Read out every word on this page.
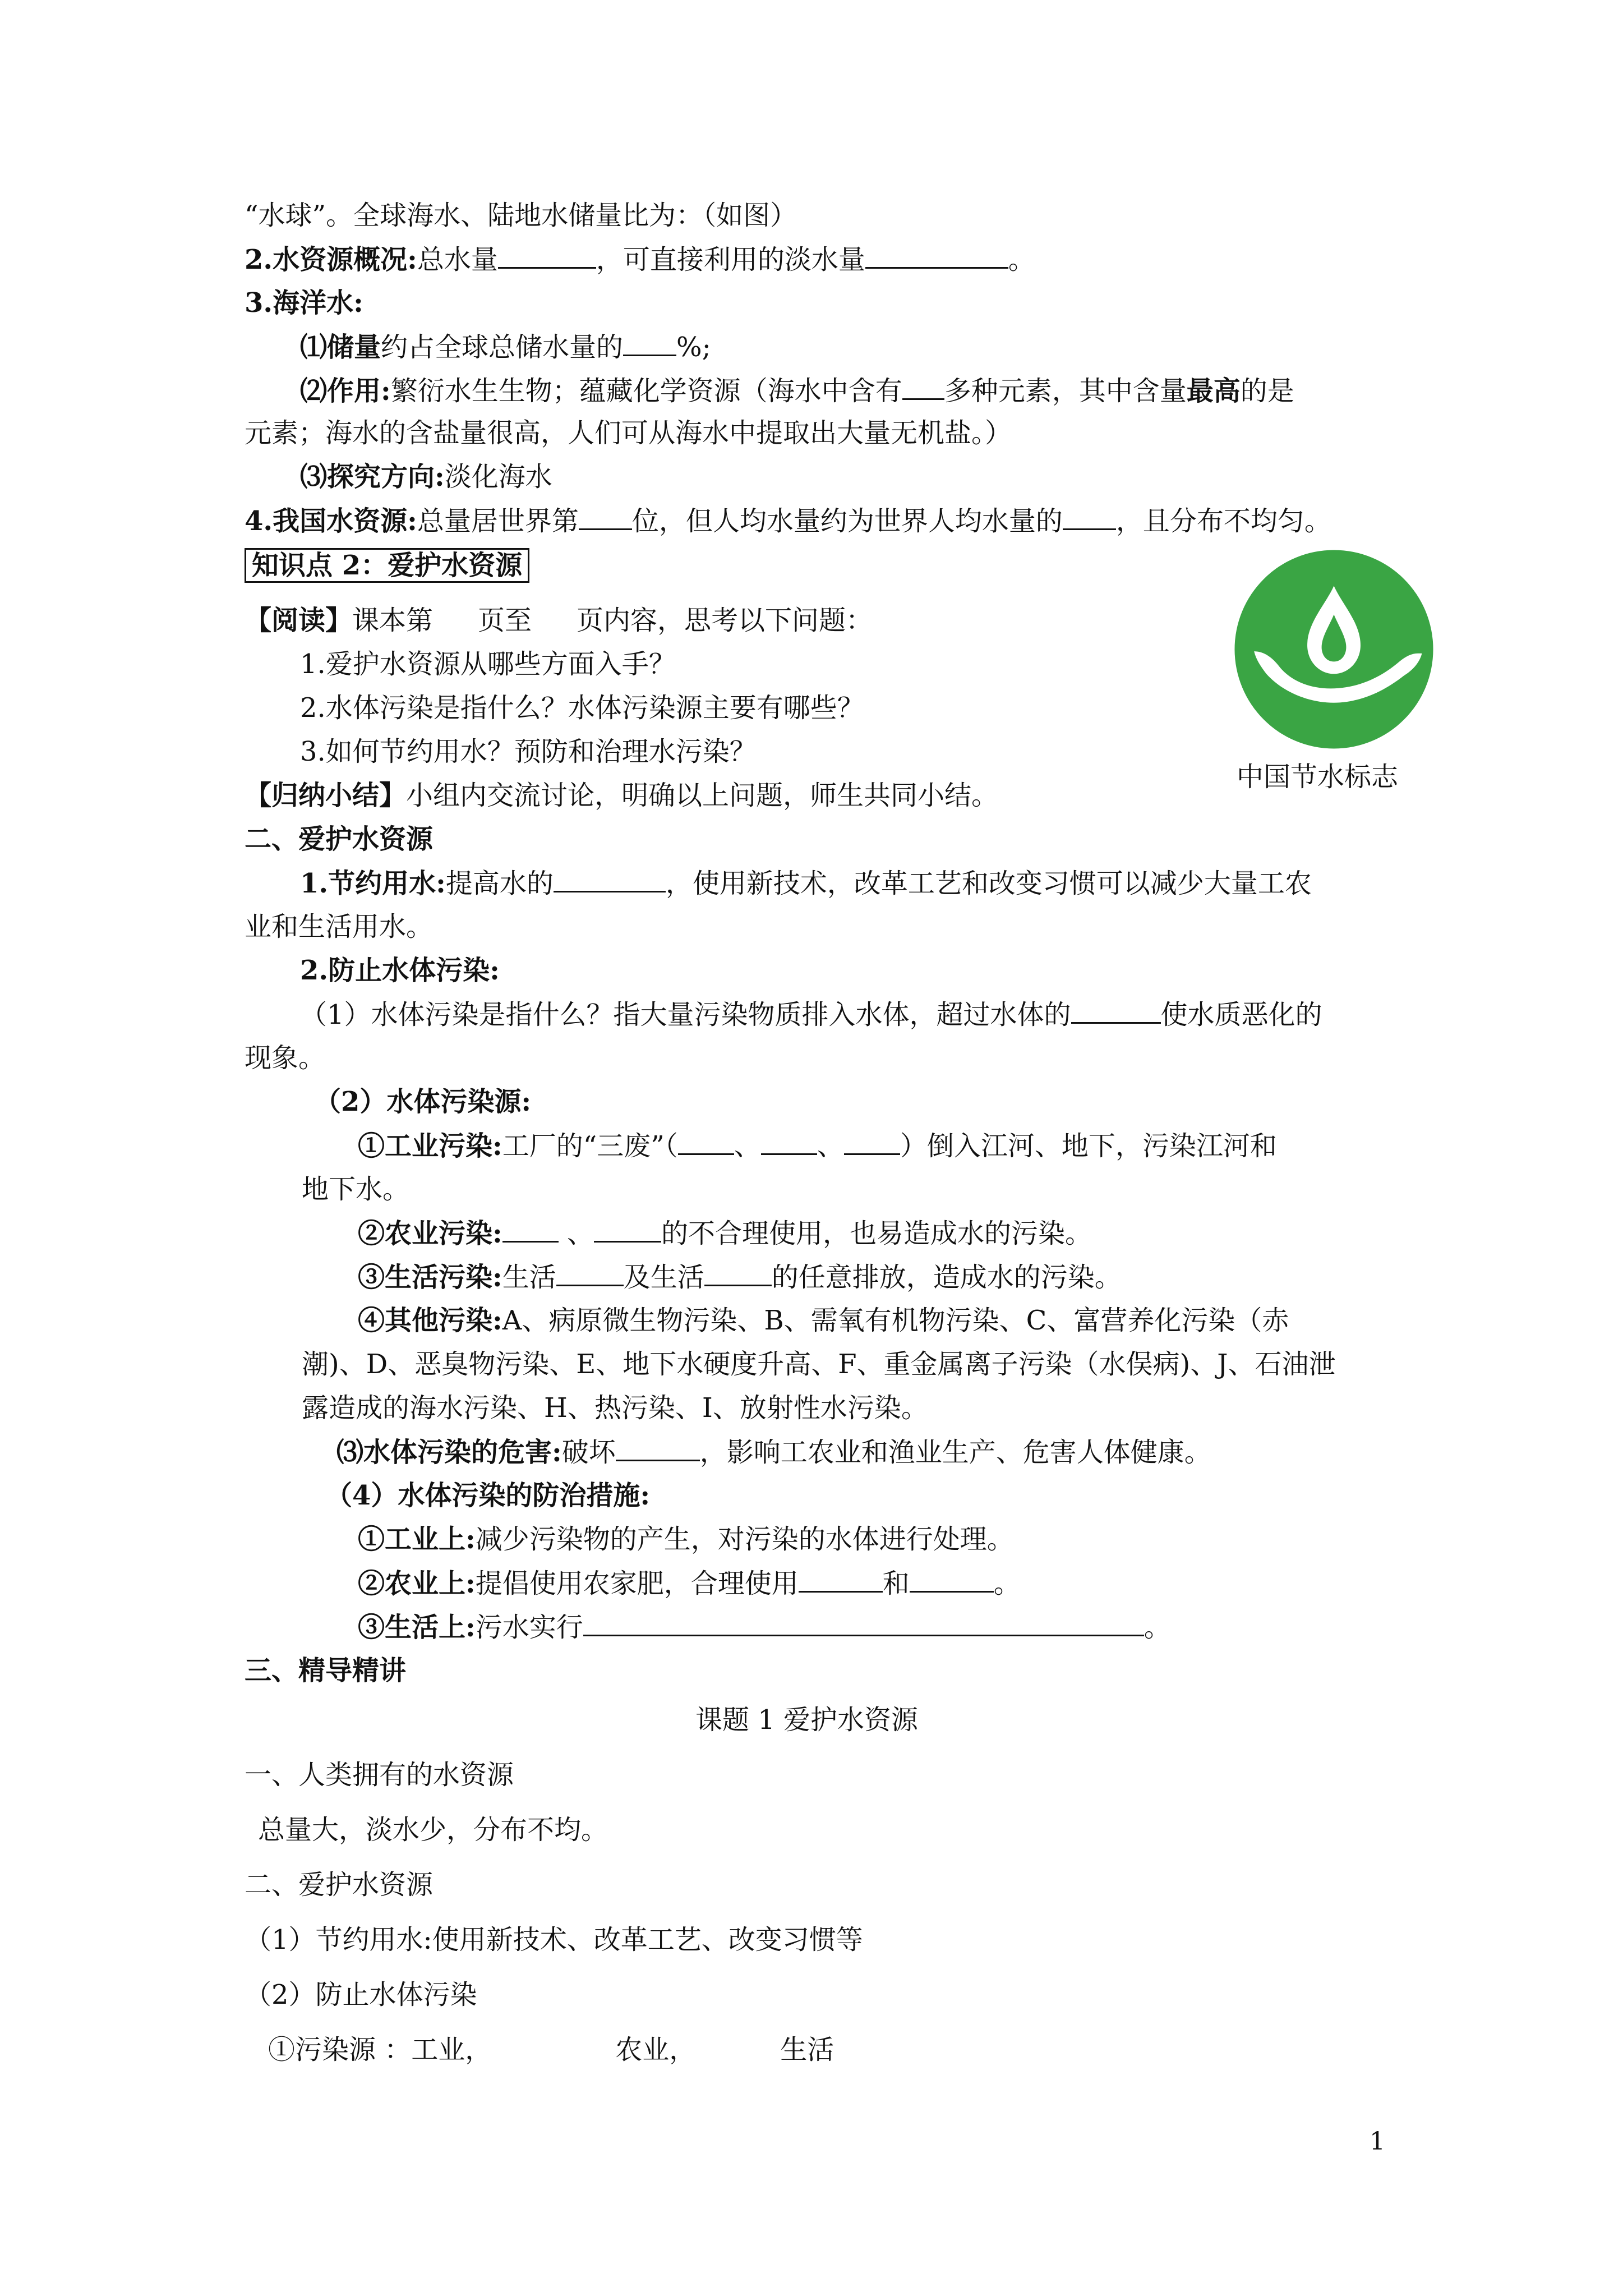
“水球”。全球海水、陆地水储量比为：（如图）
2.水资源概况:总水量	，可直接利用的淡水量	。
3.海洋水:
⑴储量约占全球总储水量的 %;
⑵作用:繁衍水生生物；蕴藏化学资源（海水中含有 多种元素，其中含量最高的是
元素；海水的含盐量很高，人们可从海水中提取出大量无机盐。）
⑶探究方向:淡化海水
4.我国水资源:总量居世界第 位，但人均水量约为世界人均水量的 ，且分布不均匀。
知识点 2：爱护水资源
【阅读】课本第 页至 页内容，思考以下问题：
1.爱护水资源从哪些方面入手？
2.水体污染是指什么？水体污染源主要有哪些？
3.如何节约用水？预防和治理水污染？
【归纳小结】小组内交流讨论，明确以上问题，师生共同小结。
中国节水标志
二、爱护水资源
1.节约用水:提高水的	，使用新技术，改革工艺和改变习惯可以减少大量工农
业和生活用水。
2.防止水体污染:
（1）水体污染是指什么？指大量污染物质排入水体，超过水体的	使水质恶化的
现象。
（2）水体污染源:
①工业污染:工厂的“三废”（ 、 、 ）倒入江河、地下，污染江河和
地下水。
②农业污染: 、	的不合理使用，也易造成水的污染。
③生活污染:生活	及生活	的任意排放，造成水的污染。
④其他污染:A、病原微生物污染、B、需氧有机物污染、C、富营养化污染（赤
潮)、D、恶臭物污染、E、地下水硬度升高、F、重金属离子污染（水俣病)、J、石油泄
露造成的海水污染、H、热污染、I、放射性水污染。
⑶水体污染的危害:破坏	，影响工农业和渔业生产、危害人体健康。
（4）水体污染的防治措施:
①工业上:减少污染物的产生，对污染的水体进行处理。
②农业上:提倡使用农家肥，合理使用	和	。
③生活上:污水实行	。
三、精导精讲
课题 1 爱护水资源
一、人类拥有的水资源
总量大，淡水少，分布不均。
二、爱护水资源
（1）节约用水:使用新技术、改革工艺、改变习惯等
（2）防止水体污染
①污染源 ：工业，	农业，	生活
1
